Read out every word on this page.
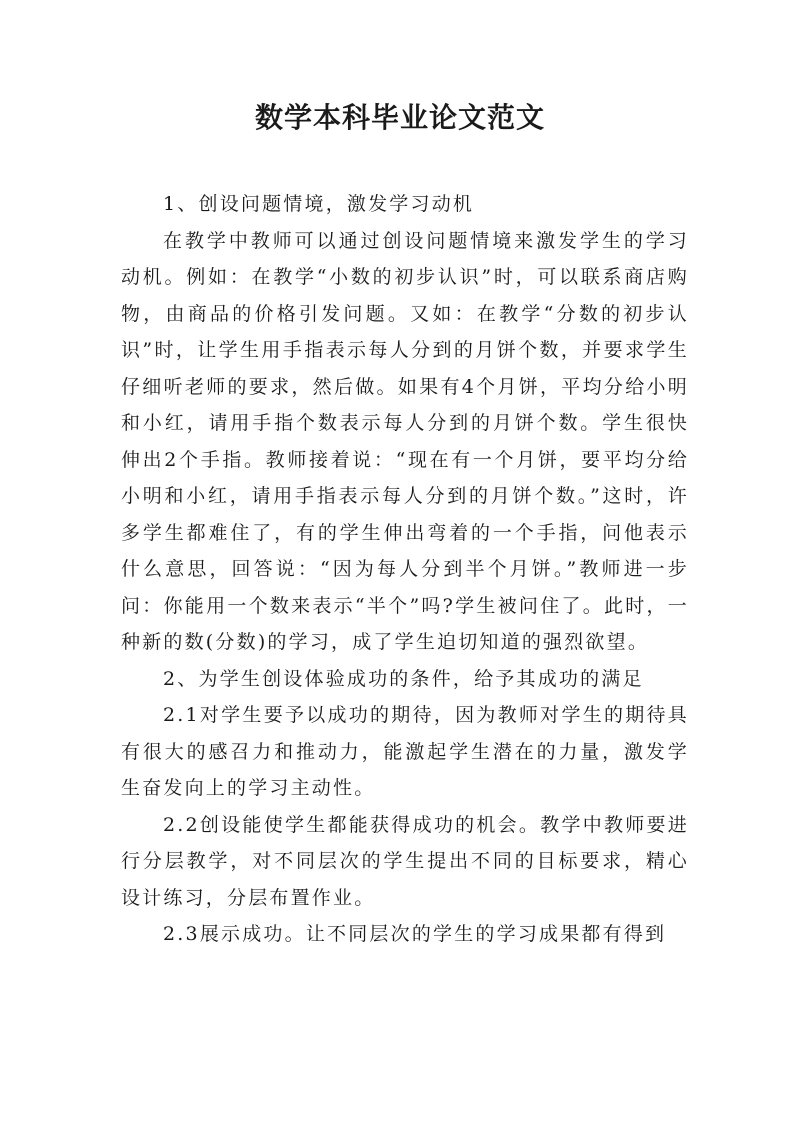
数学本科毕业论文范文

1、创设问题情境，激发学习动机

在教学中教师可以通过创设问题情境来激发学生的学习动机。例如：在教学“小数的初步认识”时，可以联系商店购物，由商品的价格引发问题。又如：在教学“分数的初步认识”时，让学生用手指表示每人分到的月饼个数，并要求学生仔细听老师的要求，然后做。如果有4个月饼，平均分给小明和小红，请用手指个数表示每人分到的月饼个数。学生很快伸出2个手指。教师接着说：“现在有一个月饼，要平均分给小明和小红，请用手指表示每人分到的月饼个数。”这时，许多学生都难住了，有的学生伸出弯着的一个手指，问他表示什么意思，回答说：“因为每人分到半个月饼。”教师进一步问：你能用一个数来表示“半个”吗?学生被问住了。此时，一种新的数(分数)的学习，成了学生迫切知道的强烈欲望。

2、为学生创设体验成功的条件，给予其成功的满足

2.1对学生要予以成功的期待，因为教师对学生的期待具有很大的感召力和推动力，能激起学生潜在的力量，激发学生奋发向上的学习主动性。

2.2创设能使学生都能获得成功的机会。教学中教师要进行分层教学，对不同层次的学生提出不同的目标要求，精心设计练习，分层布置作业。

2.3展示成功。让不同层次的学生的学习成果都有得到
